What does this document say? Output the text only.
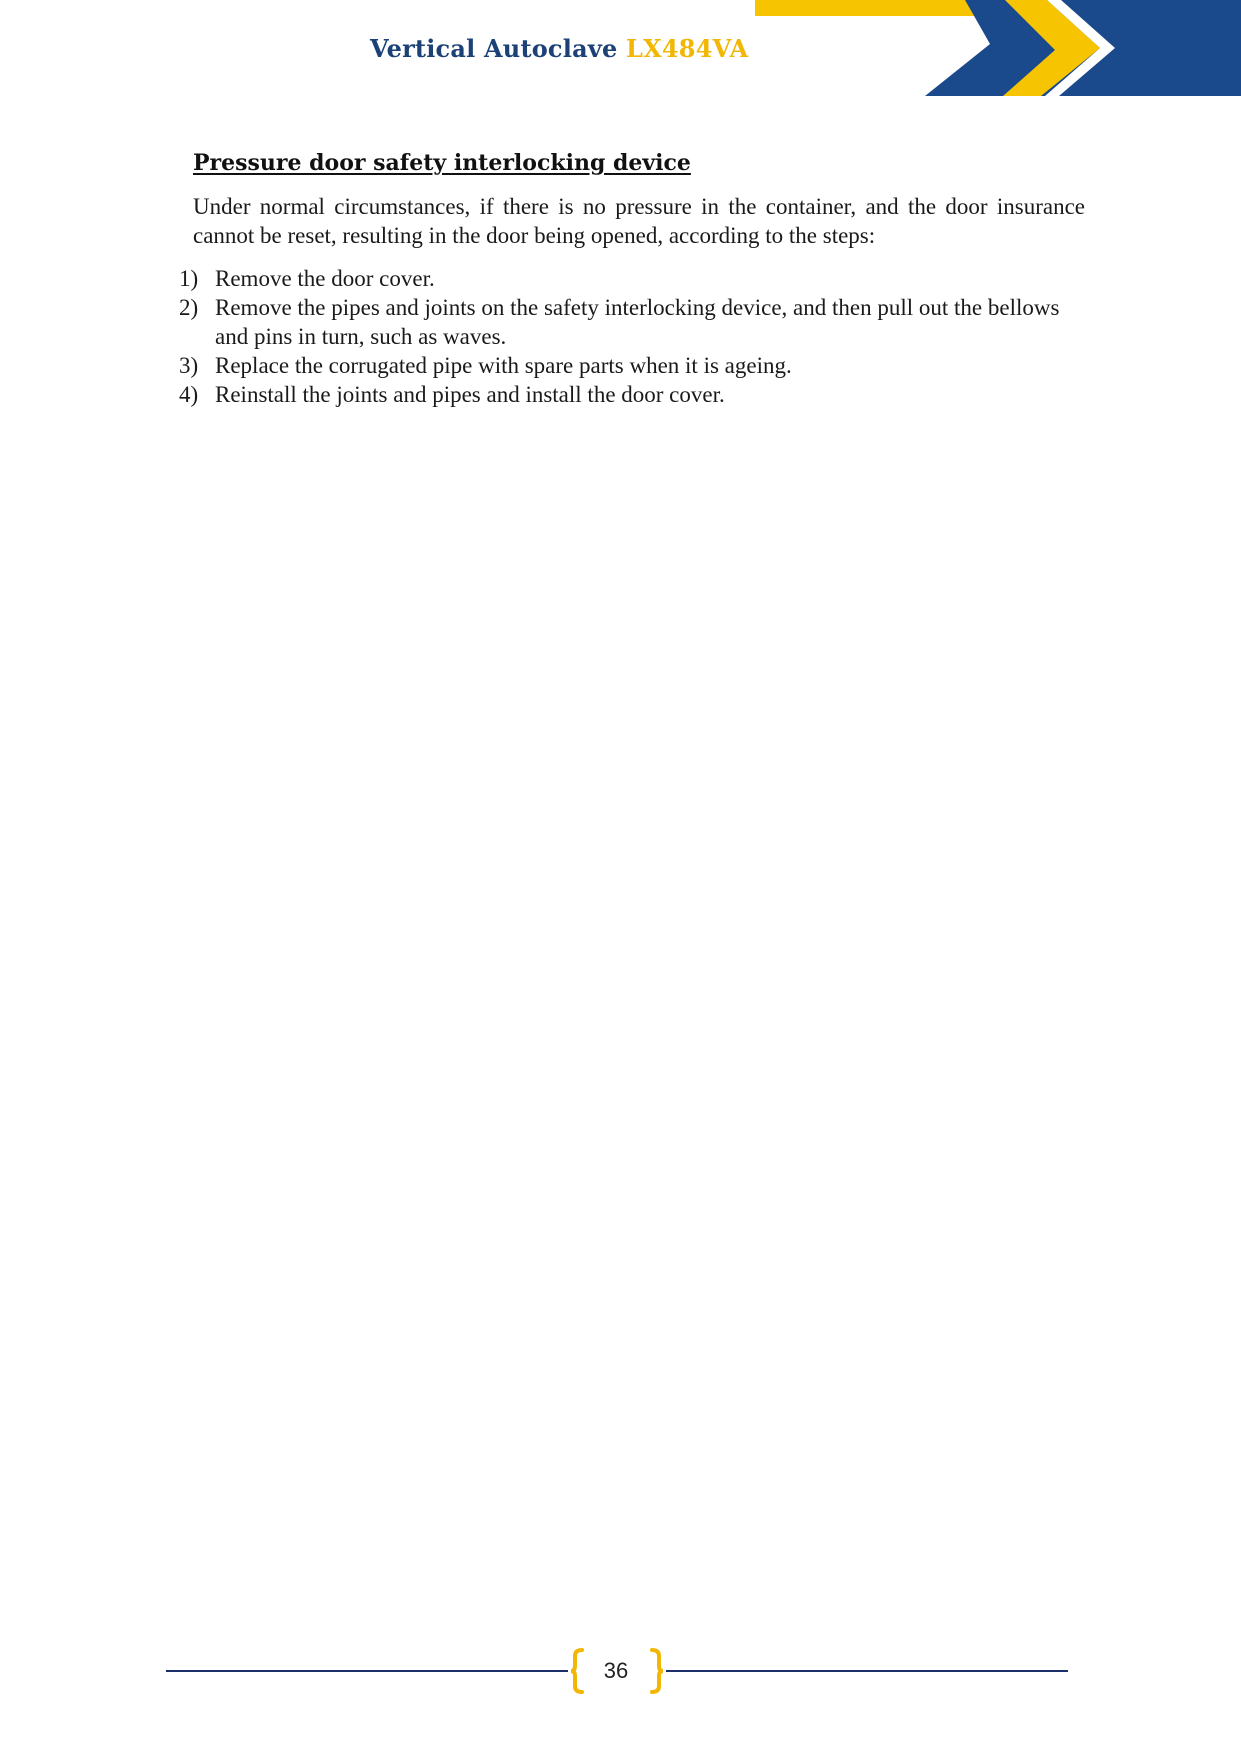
Vertical Autoclave LX484VA
Pressure door safety interlocking device

Under normal circumstances, if there is no pressure in the container, and the door insurance cannot be reset, resulting in the door being opened, according to the steps:

1) Remove the door cover.
2) Remove the pipes and joints on the safety interlocking device, and then pull out the bellows and pins in turn, such as waves.
3) Replace the corrugated pipe with spare parts when it is ageing.
4) Reinstall the joints and pipes and install the door cover.
36
